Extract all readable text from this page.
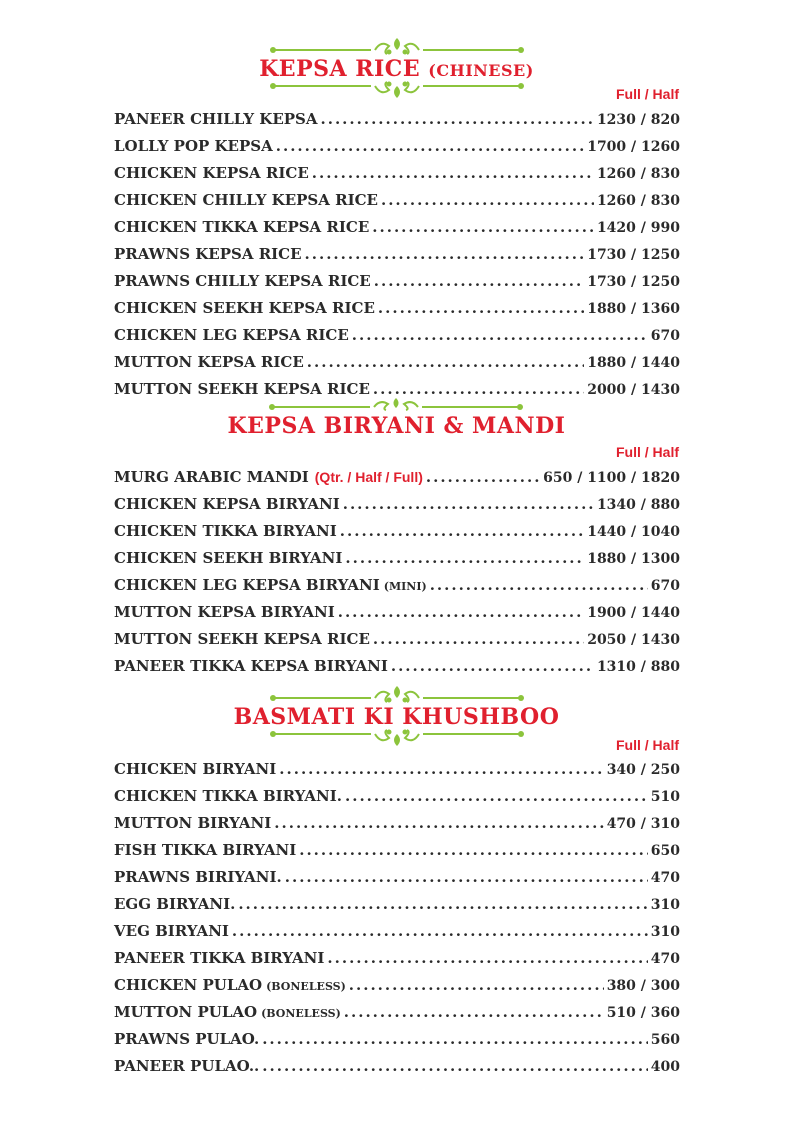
KEPSA RICE (CHINESE)
Full / Half
PANEER CHILLY KEPSA .....	1230 / 820
LOLLY POP KEPSA .....	1700 / 1260
CHICKEN KEPSA RICE .....	1260 / 830
CHICKEN CHILLY KEPSA RICE .....	1260 / 830
CHICKEN TIKKA KEPSA RICE .....	1420 / 990
PRAWNS KEPSA RICE .....	1730 / 1250
PRAWNS CHILLY KEPSA RICE .....	1730 / 1250
CHICKEN SEEKH KEPSA RICE .....	1880 / 1360
CHICKEN LEG KEPSA RICE .....	670
MUTTON KEPSA RICE .....	1880 / 1440
MUTTON SEEKH KEPSA RICE .....	2000 / 1430
KEPSA BIRYANI & MANDI
Full / Half
MURG ARABIC MANDI (Qtr. / Half / Full) .....	650 / 1100 / 1820
CHICKEN KEPSA BIRYANI .....	1340 / 880
CHICKEN TIKKA BIRYANI .....	1440 / 1040
CHICKEN SEEKH BIRYANI .....	1880 / 1300
CHICKEN LEG KEPSA BIRYANI (MINI) .....	670
MUTTON KEPSA BIRYANI .....	1900 / 1440
MUTTON SEEKH KEPSA RICE .....	2050 / 1430
PANEER TIKKA KEPSA BIRYANI .....	1310 / 880
BASMATI KI KHUSHBOO
Full / Half
CHICKEN BIRYANI .....	340 / 250
CHICKEN TIKKA BIRYANI. .....	510
MUTTON BIRYANI .....	470 / 310
FISH TIKKA BIRYANI .....	650
PRAWNS BIRIYANI. .....	470
EGG BIRYANI. .....	310
VEG BIRYANI .....	310
PANEER TIKKA BIRYANI .....	470
CHICKEN PULAO (BONELESS) .....	380 / 300
MUTTON PULAO (BONELESS) .....	510 / 360
PRAWNS PULAO. .....	560
PANEER PULAO.. .....	400
